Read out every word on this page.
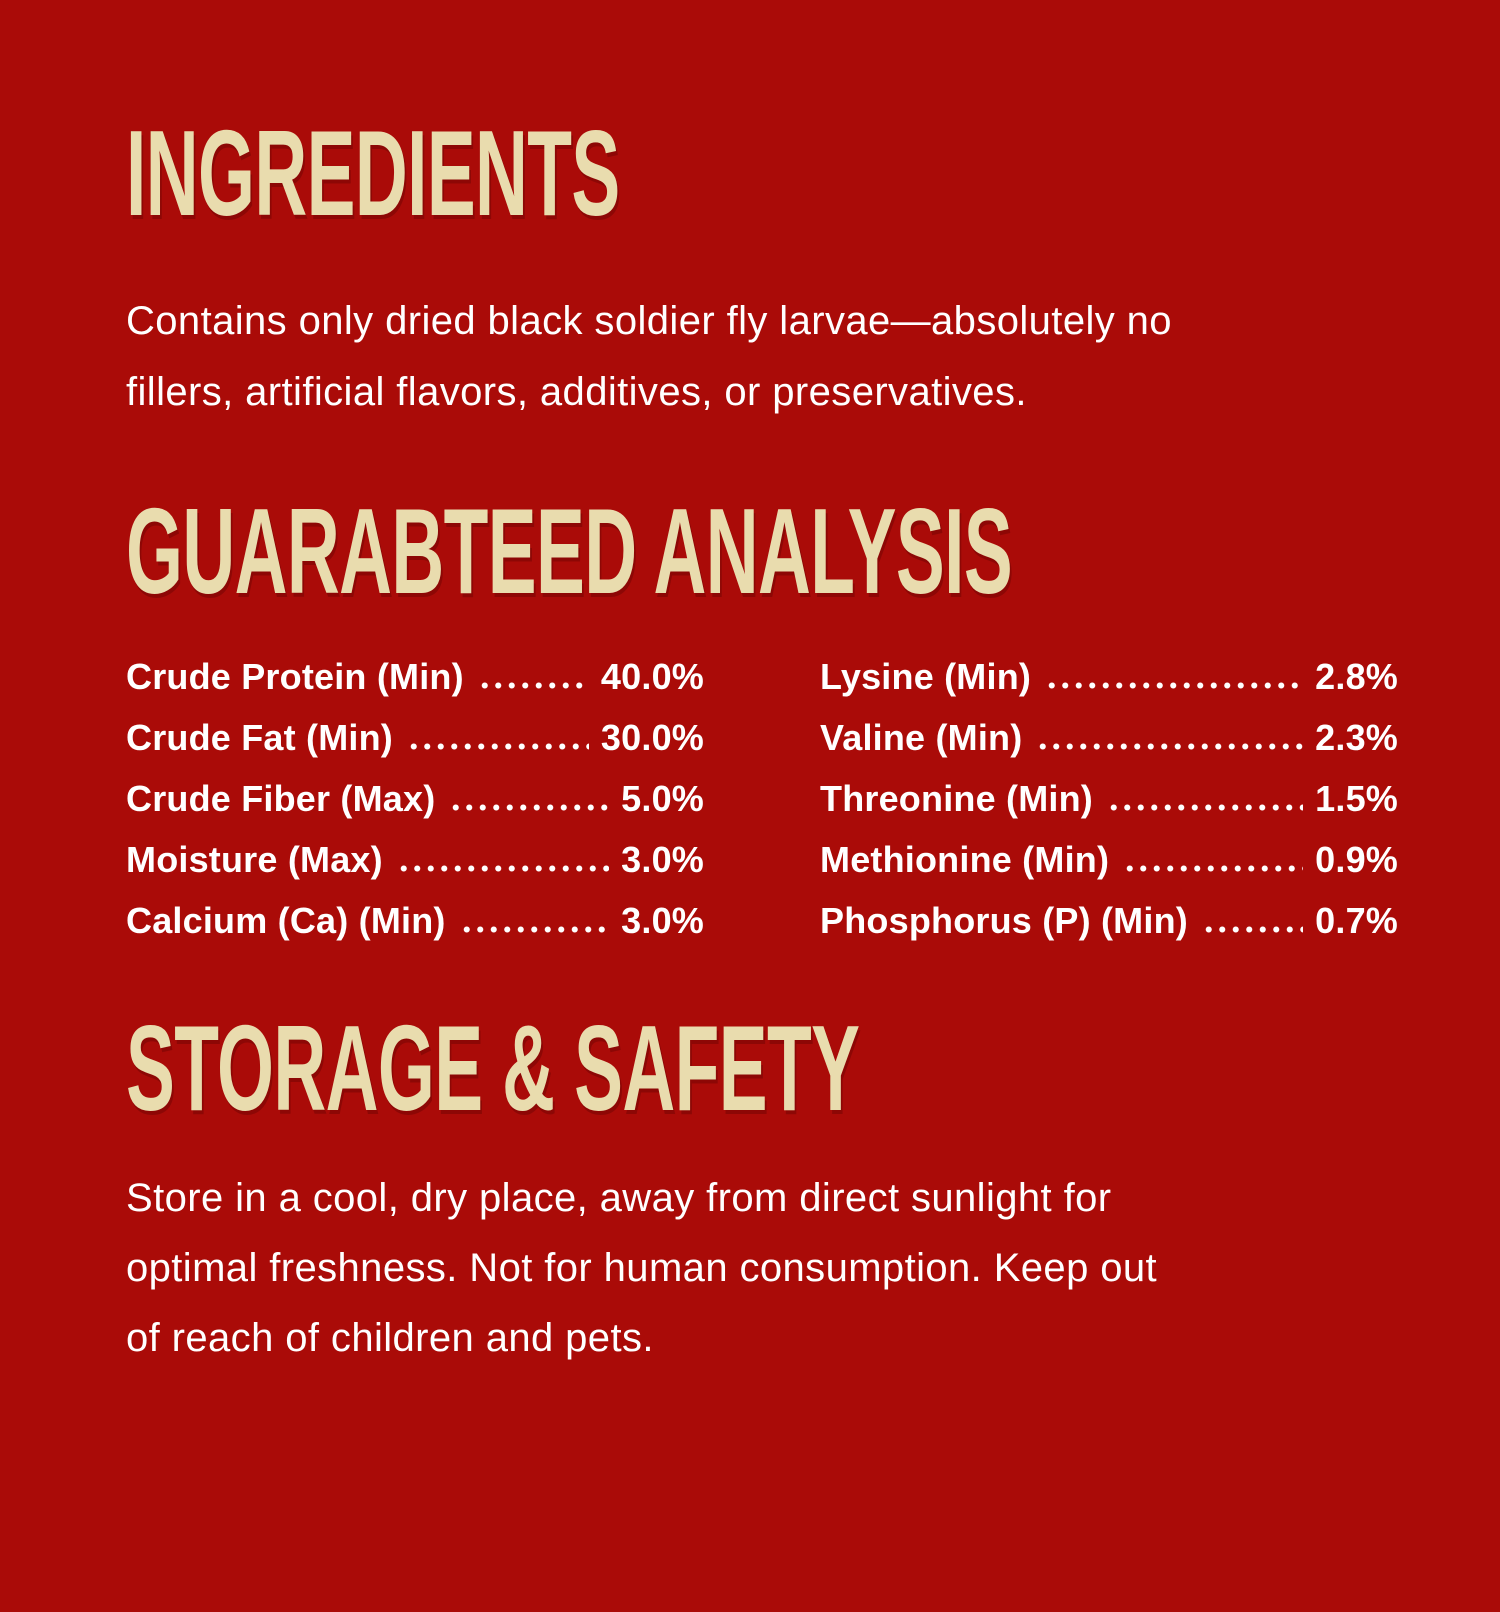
INGREDIENTS
Contains only dried black soldier fly larvae—absolutely no
fillers, artificial flavors, additives, or preservatives.
GUARABTEED ANALYSIS
Crude Protein (Min)	40.0%
Crude Fat (Min)	30.0%
Crude Fiber (Max)	5.0%
Moisture (Max)	3.0%
Calcium (Ca) (Min)	3.0%
Lysine (Min)	2.8%
Valine (Min)	2.3%
Threonine (Min)	1.5%
Methionine (Min)	0.9%
Phosphorus (P) (Min)	0.7%
STORAGE & SAFETY
Store in a cool, dry place, away from direct sunlight for
optimal freshness. Not for human consumption. Keep out
of reach of children and pets.
